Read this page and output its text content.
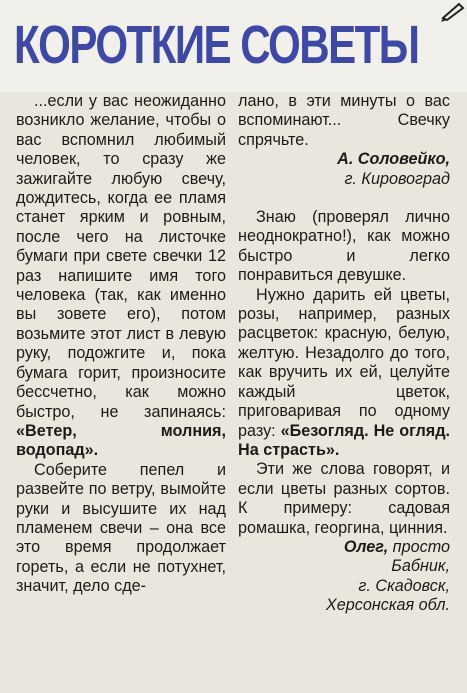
КОРОТКИЕ СОВЕТЫ

...если у вас неожиданно возникло желание, чтобы о вас вспомнил любимый человек, то сразу же зажигайте любую свечу, дождитесь, когда ее пламя станет ярким и ровным, после чего на листочке бумаги при свете свечки 12 раз напишите имя того человека (так, как именно вы зовете его), потом возьмите этот лист в левую руку, подожгите и, пока бумага горит, произносите бессчетно, как можно быстро, не запинаясь: «Ветер, молния, водопад».

Соберите пепел и развейте по ветру, вымойте руки и высушите их над пламенем свечи – она все это время продолжает гореть, а если не потухнет, значит, дело сде-

лано, в эти минуты о вас вспоминают... Свечку спрячьте.

А. Соловейко,

г. Кировоград

Знаю (проверял лично неоднократно!), как можно быстро и легко понравиться девушке.

Нужно дарить ей цветы, розы, например, разных расцветок: красную, белую, желтую. Незадолго до того, как вручить их ей, целуйте каждый цветок, приговаривая по одному разу: «Безогляд. Не огляд. На страсть».

Эти же слова говорят, и если цветы разных сортов. К примеру: садовая ромашка, георгина, цинния.

Олег, просто

Бабник,

г. Скадовск,

Херсонская обл.
